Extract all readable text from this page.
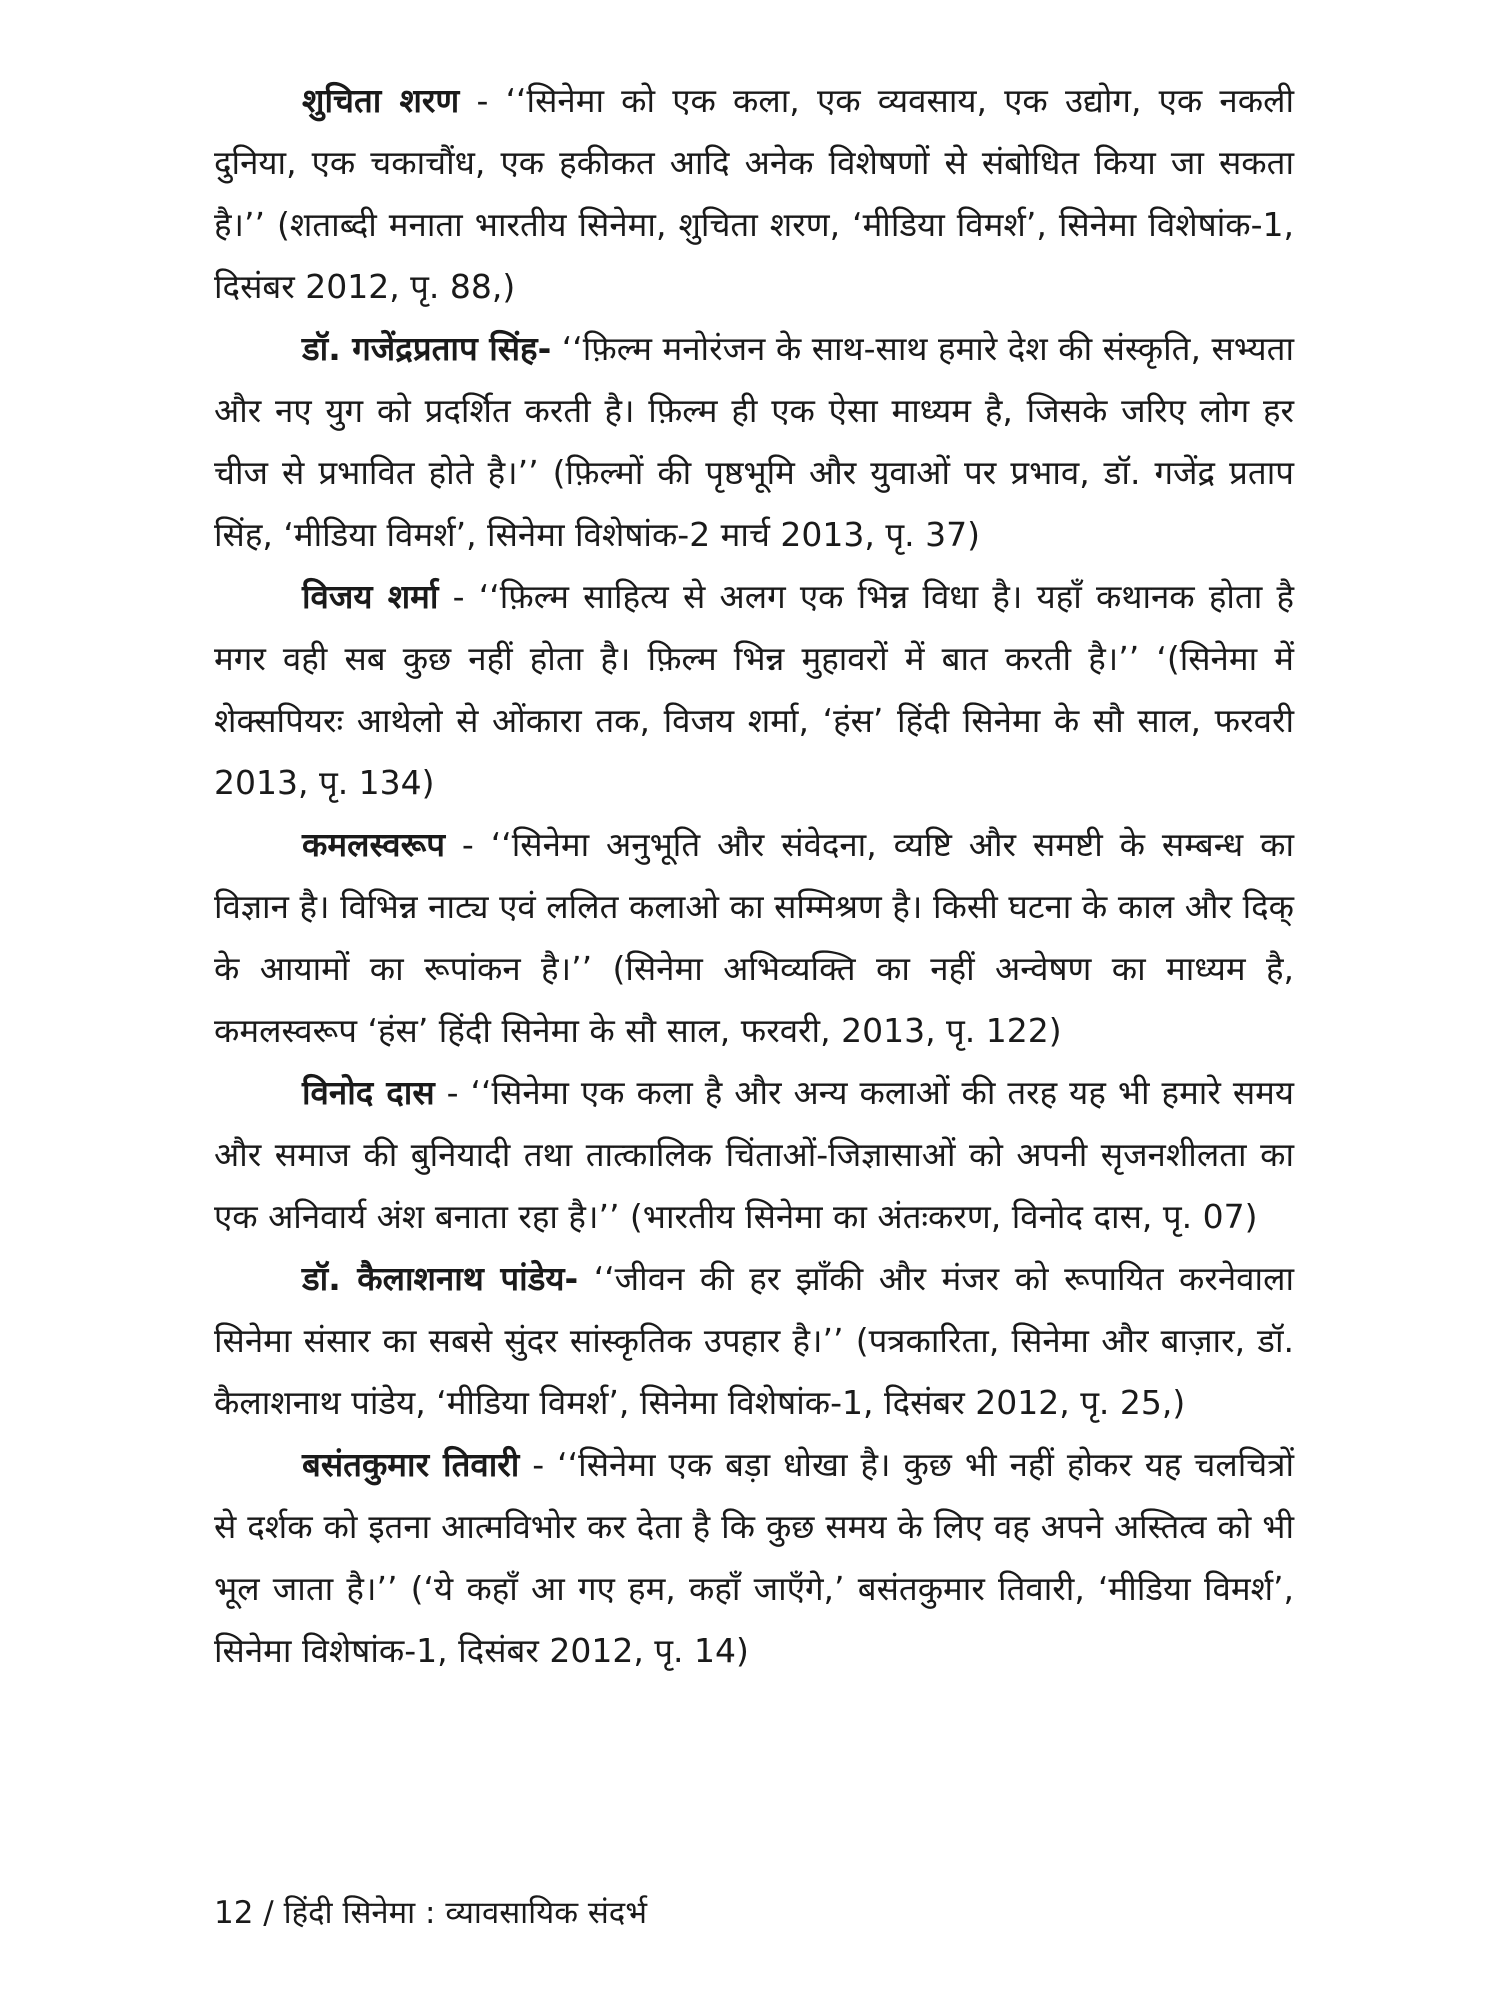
शुचिता शरण - ‘‘सिनेमा को एक कला, एक व्यवसाय, एक उद्योग, एक नकली दुनिया, एक चकाचौंध, एक हकीकत आदि अनेक विशेषणों से संबोधित किया जा सकता है।’’ (शताब्दी मनाता भारतीय सिनेमा, शुचिता शरण, ‘मीडिया विमर्श’, सिनेमा विशेषांक-1, दिसंबर 2012, पृ. 88,)

डॉ. गजेंद्रप्रताप सिंह- ‘‘फ़िल्म मनोरंजन के साथ-साथ हमारे देश की संस्कृति, सभ्यता और नए युग को प्रदर्शित करती है। फ़िल्म ही एक ऐसा माध्यम है, जिसके जरिए लोग हर चीज से प्रभावित होते है।’’ (फ़िल्मों की पृष्ठभूमि और युवाओं पर प्रभाव, डॉ. गजेंद्र प्रताप सिंह, ‘मीडिया विमर्श’, सिनेमा विशेषांक-2 मार्च 2013, पृ. 37)

विजय शर्मा - ‘‘फ़िल्म साहित्य से अलग एक भिन्न विधा है। यहाँ कथानक होता है मगर वही सब कुछ नहीं होता है। फ़िल्म भिन्न मुहावरों में बात करती है।’’ ‘(सिनेमा में शेक्सपियरः आथेलो से ओंकारा तक, विजय शर्मा, ‘हंस’ हिंदी सिनेमा के सौ साल, फरवरी 2013, पृ. 134)

कमलस्वरूप - ‘‘सिनेमा अनुभूति और संवेदना, व्यष्टि और समष्टी के सम्बन्ध का विज्ञान है। विभिन्न नाट्य एवं ललित कलाओ का सम्मिश्रण है। किसी घटना के काल और दिक् के आयामों का रूपांकन है।’’ (सिनेमा अभिव्यक्ति का नहीं अन्वेषण का माध्यम है, कमलस्वरूप ‘हंस’ हिंदी सिनेमा के सौ साल, फरवरी, 2013, पृ. 122)

विनोद दास - ‘‘सिनेमा एक कला है और अन्य कलाओं की तरह यह भी हमारे समय और समाज की बुनियादी तथा तात्कालिक चिंताओं-जिज्ञासाओं को अपनी सृजनशीलता का एक अनिवार्य अंश बनाता रहा है।’’ (भारतीय सिनेमा का अंतःकरण, विनोद दास, पृ. 07)

डॉ. कैलाशनाथ पांडेय- ‘‘जीवन की हर झाँकी और मंजर को रूपायित करनेवाला सिनेमा संसार का सबसे सुंदर सांस्कृतिक उपहार है।’’ (पत्रकारिता, सिनेमा और बाज़ार, डॉ. कैलाशनाथ पांडेय, ‘मीडिया विमर्श’, सिनेमा विशेषांक-1, दिसंबर 2012, पृ. 25,)

बसंतकुमार तिवारी - ‘‘सिनेमा एक बड़ा धोखा है। कुछ भी नहीं होकर यह चलचित्रों से दर्शक को इतना आत्मविभोर कर देता है कि कुछ समय के लिए वह अपने अस्तित्व को भी भूल जाता है।’’ (‘ये कहाँ आ गए हम, कहाँ जाएँगे,’ बसंतकुमार तिवारी, ‘मीडिया विमर्श’, सिनेमा विशेषांक-1, दिसंबर 2012, पृ. 14)

12 / हिंदी सिनेमा : व्यावसायिक संदर्भ
